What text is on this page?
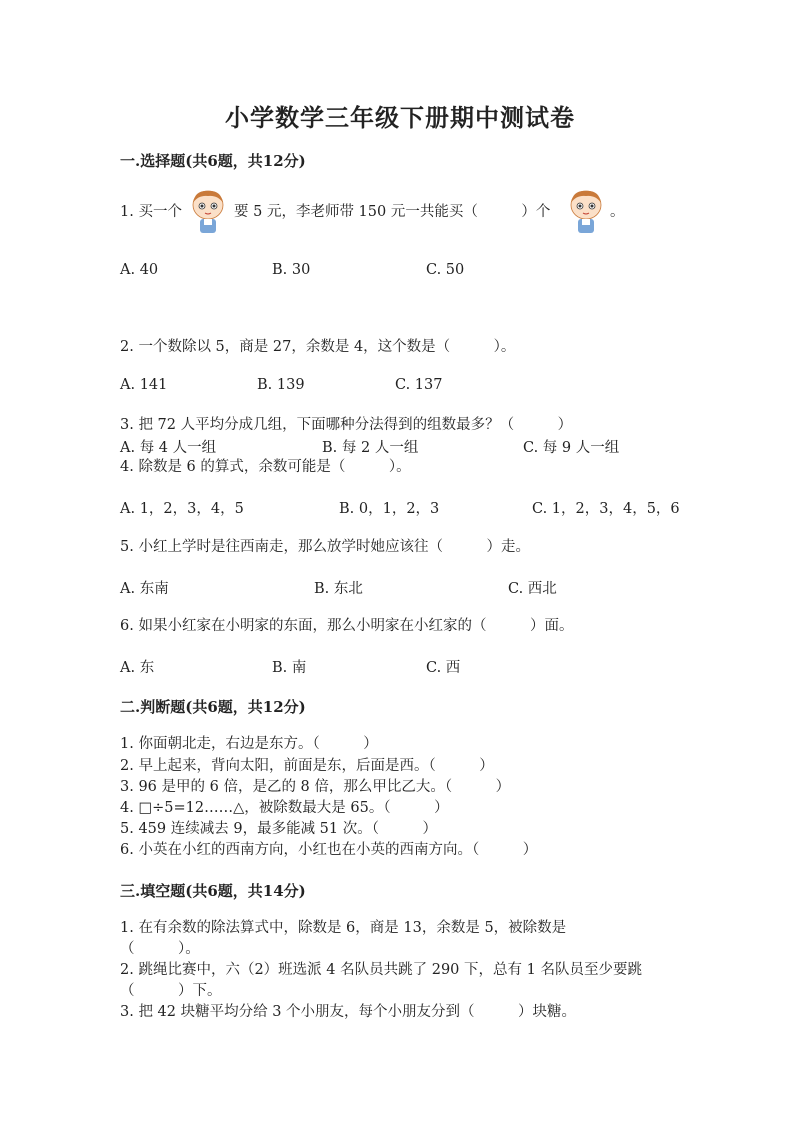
小学数学三年级下册期中测试卷
一.选择题(共6题，共12分)
1. 买一个	要 5 元，李老师带 150 元一共能买（　　　）个	。
A. 40	B. 30	C. 50
2. 一个数除以 5，商是 27，余数是 4，这个数是（　　　）。
A. 141	B. 139	C. 137
3. 把 72 人平均分成几组，下面哪种分法得到的组数最多？（　　　）
A. 每 4 人一组	B. 每 2 人一组	C. 每 9 人一组
4. 除数是 6 的算式，余数可能是（　　　）。
A. 1，2，3，4，5	B. 0，1，2，3	C. 1，2，3，4，5，6
5. 小红上学时是往西南走，那么放学时她应该往（　　　）走。
A. 东南	B. 东北	C. 西北
6. 如果小红家在小明家的东面，那么小明家在小红家的（　　　）面。
A. 东	B. 南	C. 西
二.判断题(共6题，共12分)
1. 你面朝北走，右边是东方。（　　　）
2. 早上起来，背向太阳，前面是东，后面是西。（　　　）
3. 96 是甲的 6 倍，是乙的 8 倍，那么甲比乙大。（　　　）
4. □÷5=12……△，被除数最大是 65。（　　　）
5. 459 连续减去 9，最多能减 51 次。（　　　）
6. 小英在小红的西南方向，小红也在小英的西南方向。（　　　）
三.填空题(共6题，共14分)
1. 在有余数的除法算式中，除数是 6，商是 13，余数是 5，被除数是
（　　　）。
2. 跳绳比赛中，六（2）班选派 4 名队员共跳了 290 下，总有 1 名队员至少要跳
（　　　）下。
3. 把 42 块糖平均分给 3 个小朋友，每个小朋友分到（　　　）块糖。
